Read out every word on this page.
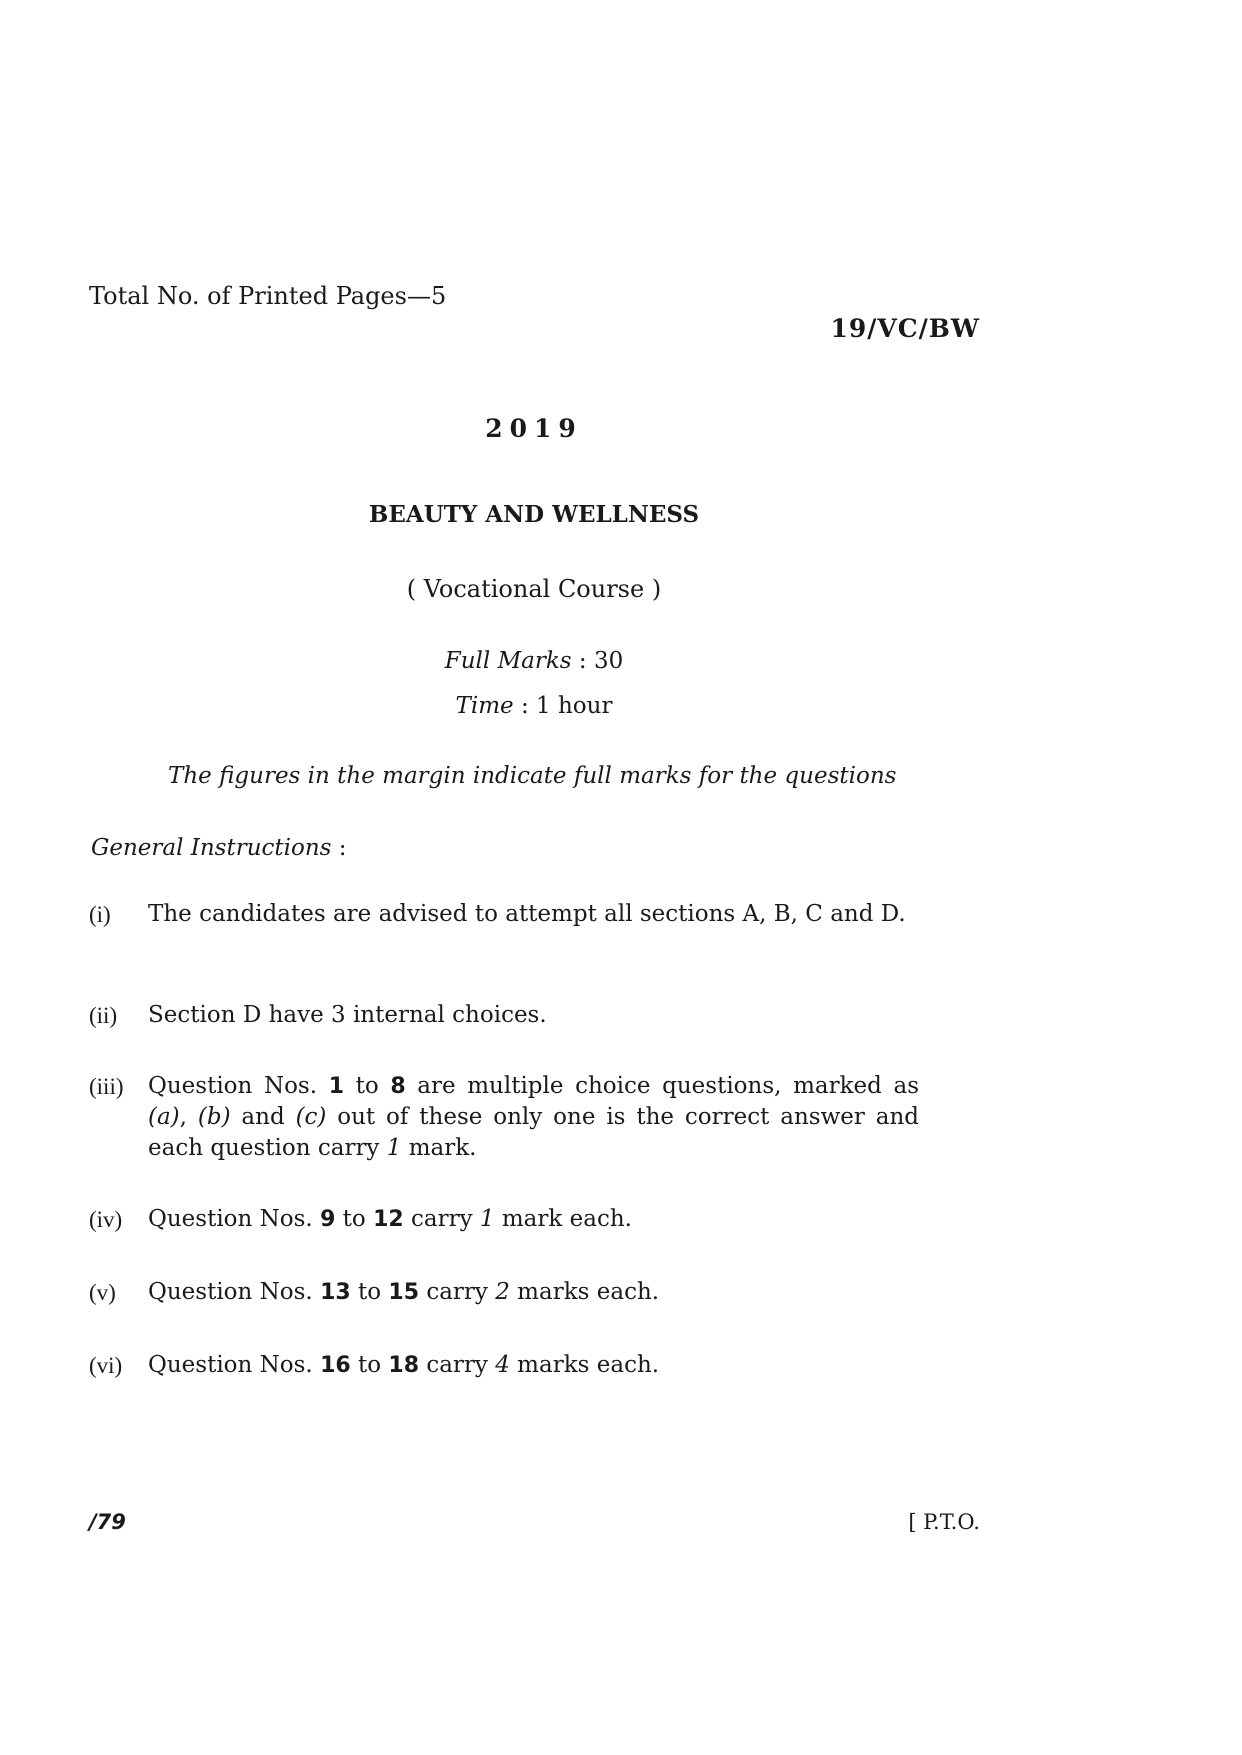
Total No. of Printed Pages—5
19/VC/BW
2019
BEAUTY AND WELLNESS
( Vocational Course )
Full Marks : 30
Time : 1 hour
The figures in the margin indicate full marks for the questions
General Instructions :
(i) The candidates are advised to attempt all sections A, B, C and D.
(ii) Section D have 3 internal choices.
(iii) Question Nos. 1 to 8 are multiple choice questions, marked as (a), (b) and (c) out of these only one is the correct answer and each question carry 1 mark.
(iv) Question Nos. 9 to 12 carry 1 mark each.
(v) Question Nos. 13 to 15 carry 2 marks each.
(vi) Question Nos. 16 to 18 carry 4 marks each.
/79	[ P.T.O.
